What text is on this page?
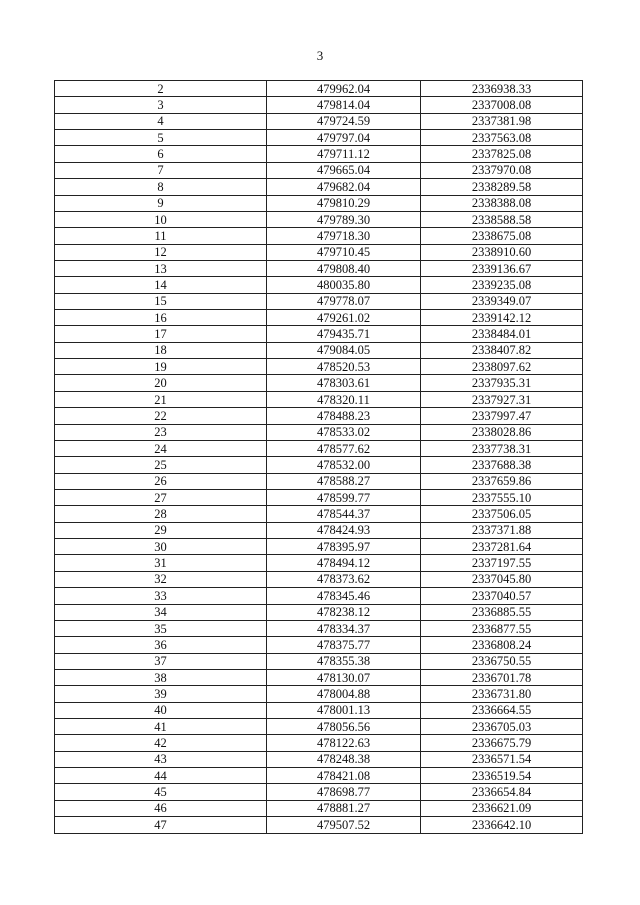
3
2	479962.04	2336938.33
3	479814.04	2337008.08
4	479724.59	2337381.98
5	479797.04	2337563.08
6	479711.12	2337825.08
7	479665.04	2337970.08
8	479682.04	2338289.58
9	479810.29	2338388.08
10	479789.30	2338588.58
11	479718.30	2338675.08
12	479710.45	2338910.60
13	479808.40	2339136.67
14	480035.80	2339235.08
15	479778.07	2339349.07
16	479261.02	2339142.12
17	479435.71	2338484.01
18	479084.05	2338407.82
19	478520.53	2338097.62
20	478303.61	2337935.31
21	478320.11	2337927.31
22	478488.23	2337997.47
23	478533.02	2338028.86
24	478577.62	2337738.31
25	478532.00	2337688.38
26	478588.27	2337659.86
27	478599.77	2337555.10
28	478544.37	2337506.05
29	478424.93	2337371.88
30	478395.97	2337281.64
31	478494.12	2337197.55
32	478373.62	2337045.80
33	478345.46	2337040.57
34	478238.12	2336885.55
35	478334.37	2336877.55
36	478375.77	2336808.24
37	478355.38	2336750.55
38	478130.07	2336701.78
39	478004.88	2336731.80
40	478001.13	2336664.55
41	478056.56	2336705.03
42	478122.63	2336675.79
43	478248.38	2336571.54
44	478421.08	2336519.54
45	478698.77	2336654.84
46	478881.27	2336621.09
47	479507.52	2336642.10
